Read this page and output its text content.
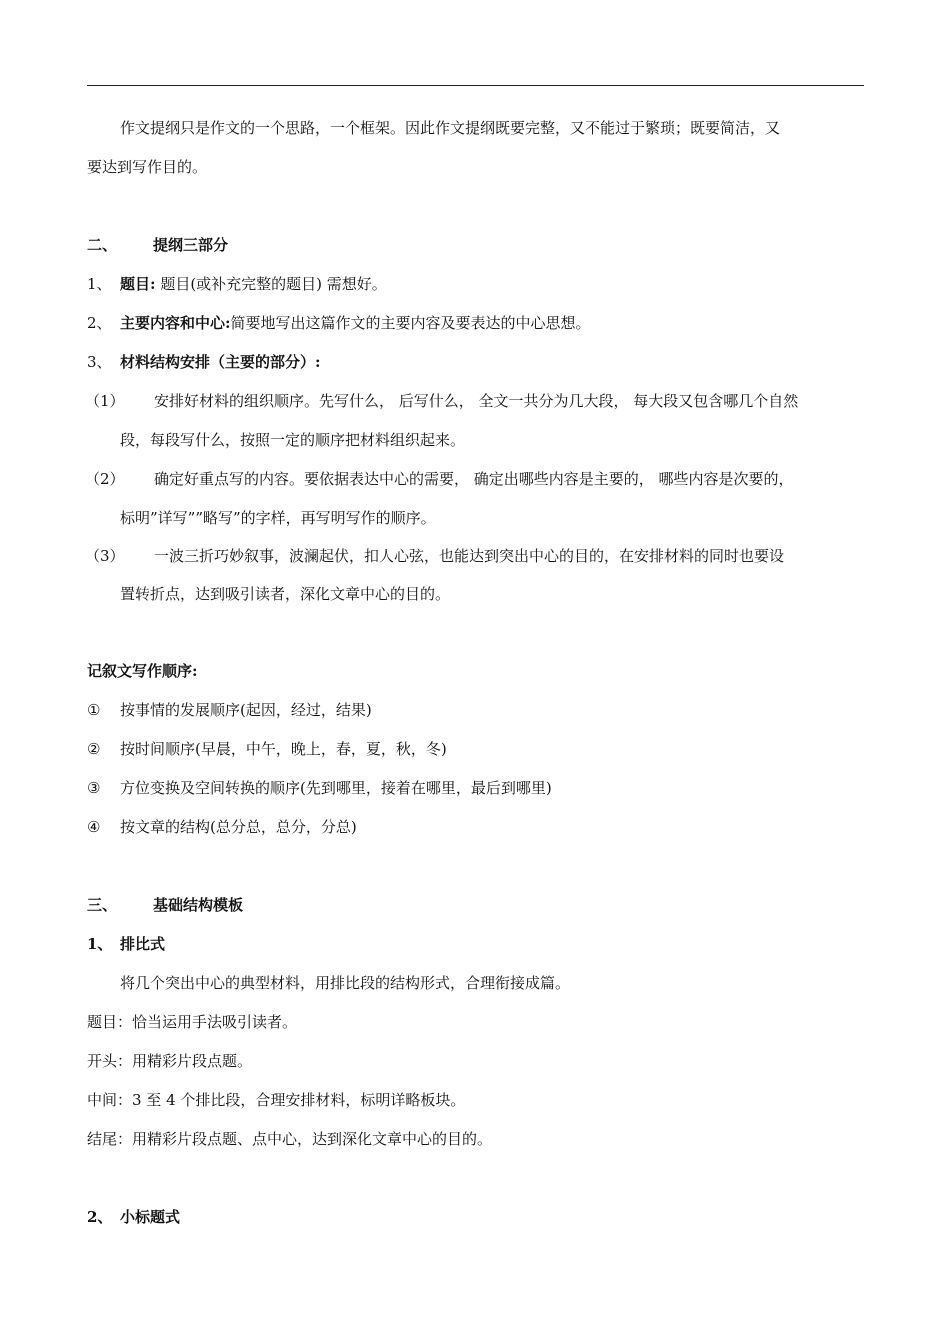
作文提纲只是作文的一个思路，一个框架。因此作文提纲既要完整，又不能过于繁琐；既要简洁，又
要达到写作目的。
二、 提纲三部分
1、 题目: 题目(或补充完整的题目) 需想好。
2、 主要内容和中心:简要地写出这篇作文的主要内容及要表达的中心思想。
3、 材料结构安排（主要的部分）:
（1） 安排好材料的组织顺序。先写什么， 后写什么， 全文一共分为几大段， 每大段又包含哪几个自然
段，每段写什么，按照一定的顺序把材料组织起来。
（2） 确定好重点写的内容。要依据表达中心的需要， 确定出哪些内容是主要的， 哪些内容是次要的，
标明”详写””略写”的字样，再写明写作的顺序。
（3） 一波三折巧妙叙事，波澜起伏，扣人心弦，也能达到突出中心的目的，在安排材料的同时也要设
置转折点，达到吸引读者，深化文章中心的目的。
记叙文写作顺序:
① 按事情的发展顺序(起因，经过，结果)
② 按时间顺序(早晨，中午，晚上，春，夏，秋，冬)
③ 方位变换及空间转换的顺序(先到哪里，接着在哪里，最后到哪里)
④ 按文章的结构(总分总，总分，分总)
三、 基础结构模板
1、 排比式
将几个突出中心的典型材料，用排比段的结构形式，合理衔接成篇。
题目：恰当运用手法吸引读者。
开头：用精彩片段点题。
中间：3 至 4 个排比段，合理安排材料，标明详略板块。
结尾：用精彩片段点题、点中心，达到深化文章中心的目的。
2、 小标题式
